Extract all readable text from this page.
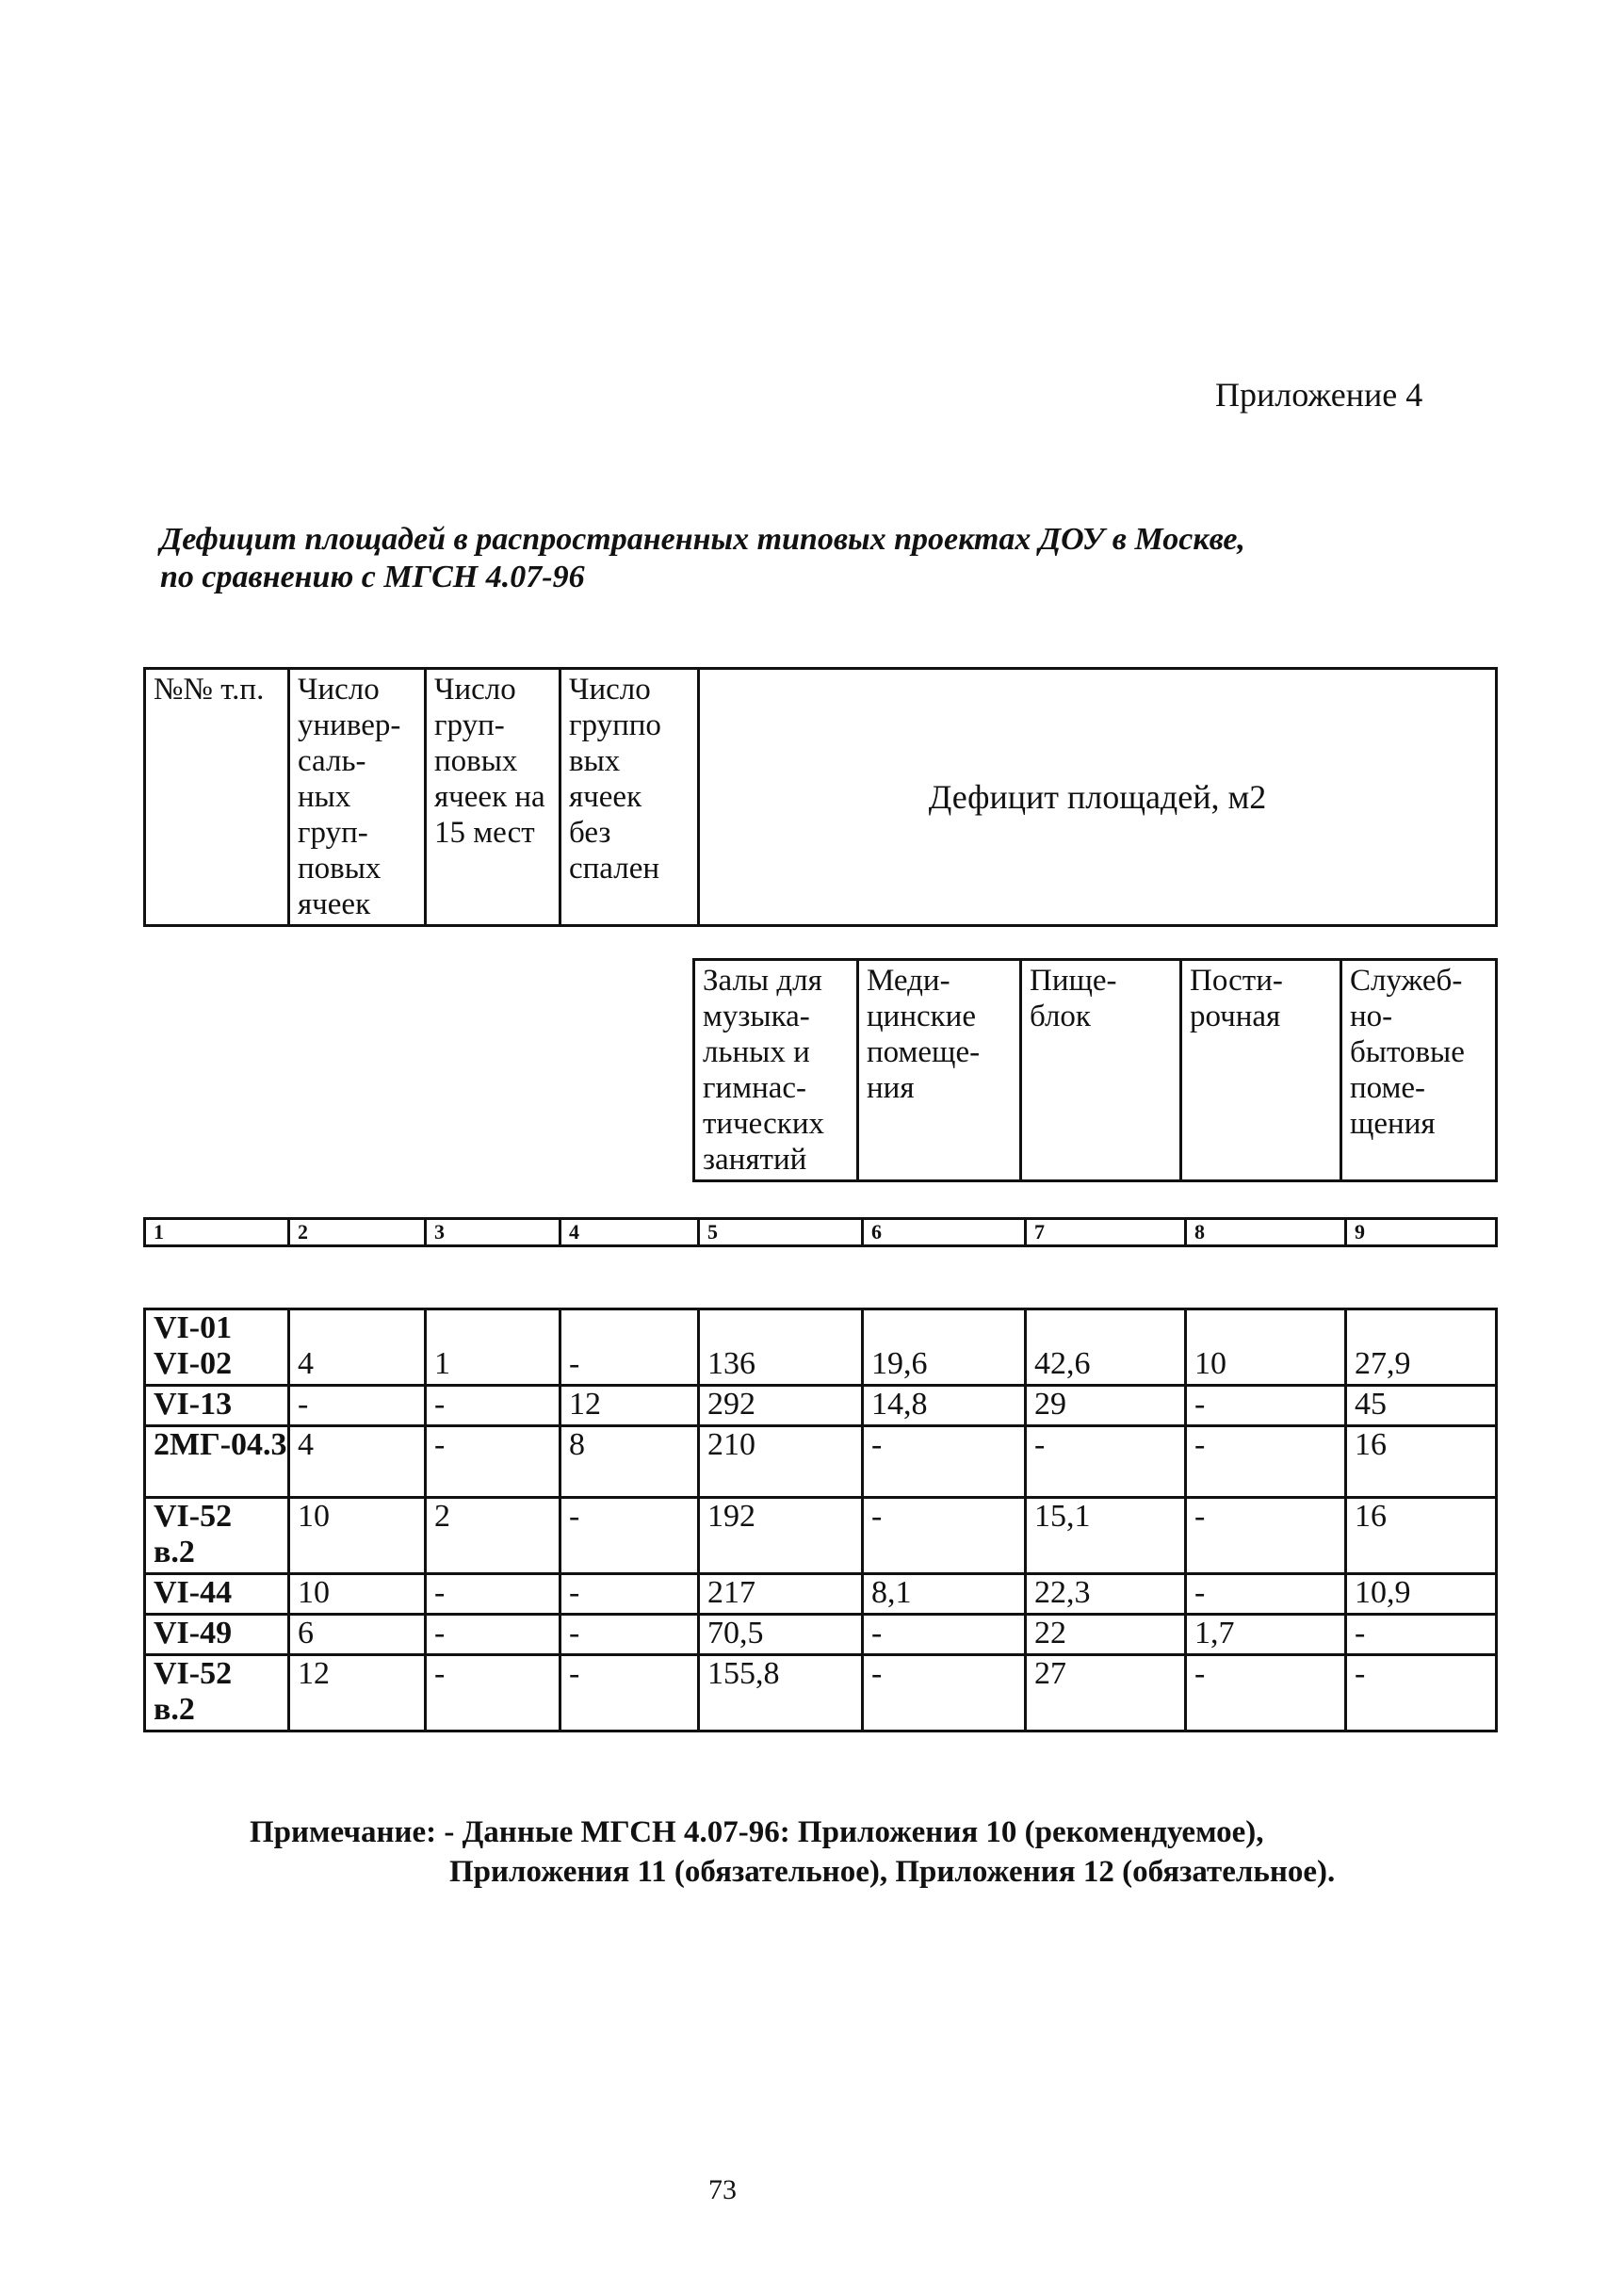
Приложение 4
Дефицит площадей в распространенных типовых проектах ДОУ в Москве,
по сравнению с МГСН 4.07-96
№№ т.п.	Число универ-саль-ных груп-повых ячеек	Число груп-повых ячеек на 15 мест	Число группо вых ячеек без спален	Дефицит площадей, м2
Залы для музыка-льных и гимнас-тических занятий	Меди-цинские помеще-ния	Пище-блок	Пости-рочная	Служеб-но-бытовые поме-щения
1	2	3	4	5	6	7	8	9
VI-01 VI-02	4	1	-	136	19,6	42,6	10	27,9
VI-13	-	-	12	292	14,8	29	-	45
2МГ-04.3	4	-	8	210	-	-	-	16
VI-52 в.2	10	2	-	192	-	15,1	-	16
VI-44	10	-	-	217	8,1	22,3	-	10,9
VI-49	6	-	-	70,5	-	22	1,7	-
VI-52 в.2	12	-	-	155,8	-	27	-	-
Примечание: - Данные МГСН 4.07-96: Приложения 10 (рекомендуемое),
Приложения 11 (обязательное), Приложения 12 (обязательное).
73
